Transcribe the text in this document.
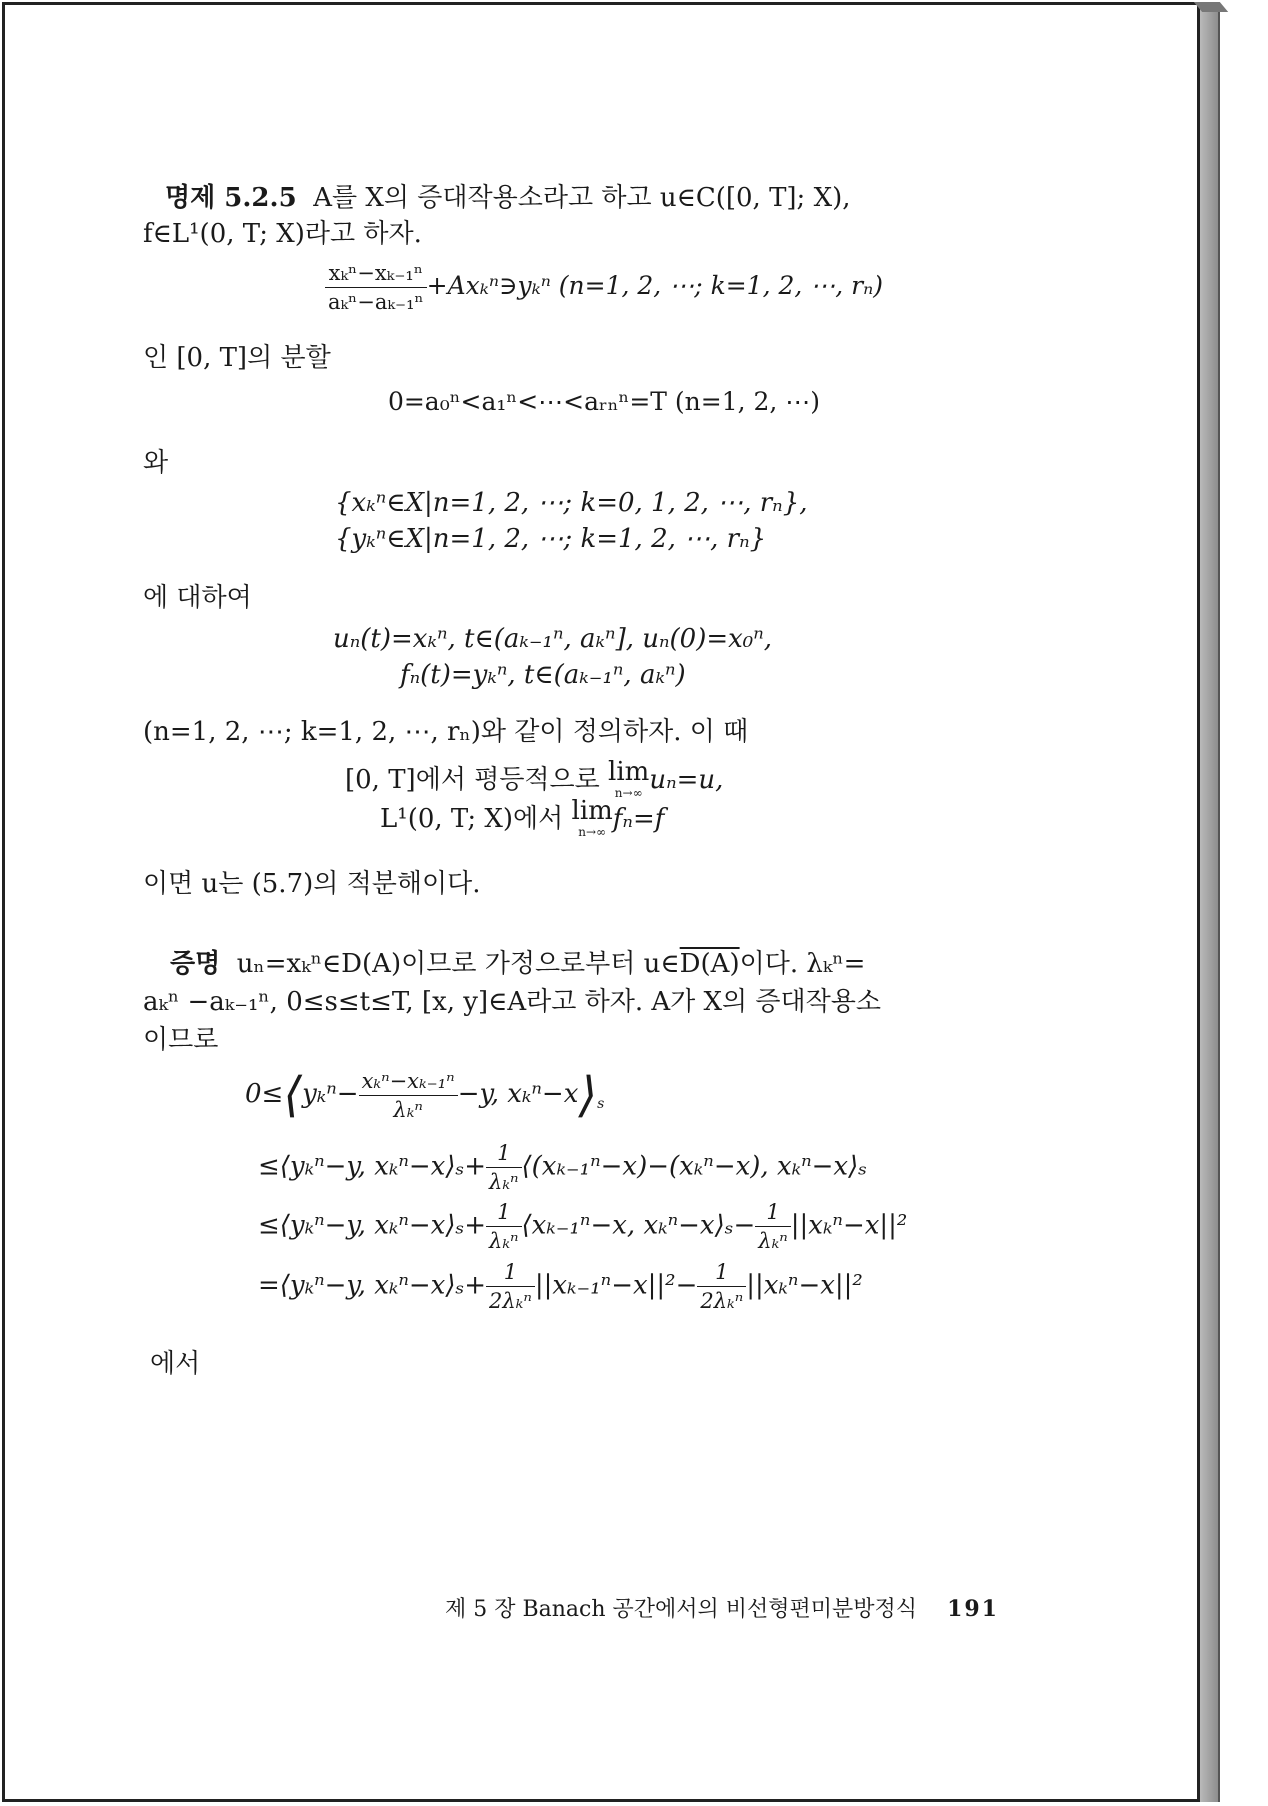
명제 5.2.5 A를 X의 증대작용소라고 하고 u∈C([0, T]; X),
f∈L¹(0, T; X)라고 하자.
$\frac{\text{xₖⁿ−xₖ₋₁ⁿ}}{\text{aₖⁿ−aₖ₋₁ⁿ}}$ +Axₖⁿ∋yₖⁿ (n=1, 2, ⋯; k=1, 2, ⋯, rₙ)
인 [0, T]의 분할
0=a₀ⁿ<a₁ⁿ<⋯<aᵣₙⁿ=T (n=1, 2, ⋯)
와
{xₖⁿ∈X|n=1, 2, ⋯; k=0, 1, 2, ⋯, rₙ},
{yₖⁿ∈X|n=1, 2, ⋯; k=1, 2, ⋯, rₙ}
에 대하여
uₙ(t)=xₖⁿ, t∈(aₖ₋₁ⁿ, aₖⁿ], uₙ(0)=x₀ⁿ,
fₙ(t)=yₖⁿ, t∈(aₖ₋₁ⁿ, aₖⁿ)
(n=1, 2, ⋯; k=1, 2, ⋯, rₙ)와 같이 정의하자. 이 때
[0, T]에서 평등적으로 lim
n→∞ uₙ=u,
L¹(0, T; X)에서 lim
n→∞ fₙ=f
이면 u는 (5.7)의 적분해이다.
증명 uₙ=xₖⁿ∈D(A)이므로 가정으로부터 u∈D(A)이다. λₖⁿ=
aₖⁿ −aₖ₋₁ⁿ, 0≤s≤t≤T, [x, y]∈A라고 하자. A가 X의 증대작용소
이므로
0≤⟨yₖⁿ− $\frac{\text{xₖⁿ−xₖ₋₁ⁿ}}{\text{λₖⁿ}} -y$, $x_k^n-x⟩_s$
≤⟨yₖⁿ−y, xₖⁿ−x⟩ₛ+ $\frac{1}{\text{λₖⁿ}}$ ⟨(xₖ₋₁ⁿ−x)−(xₖⁿ−x), xₖⁿ−x⟩ₛ
≤⟨yₖⁿ−y, xₖⁿ−x⟩ₛ+ $\frac{1}{\text{λₖⁿ}}$ ⟨xₖ₋₁ⁿ−x, xₖⁿ−x⟩ₛ− $\frac{1}{\text{λₖⁿ}} ||x_k^n-x||^2$
=⟨yₖⁿ−y, xₖⁿ−x⟩ₛ+ $\frac{1}{\text{2λₖⁿ}} ||x_{k-1}^n-x||^2- \frac{1}{\text{2λₖⁿ}} ||x_k^n-x||^2$
에서
제 5 장 Banach 공간에서의 비선형편미분방정식 191
